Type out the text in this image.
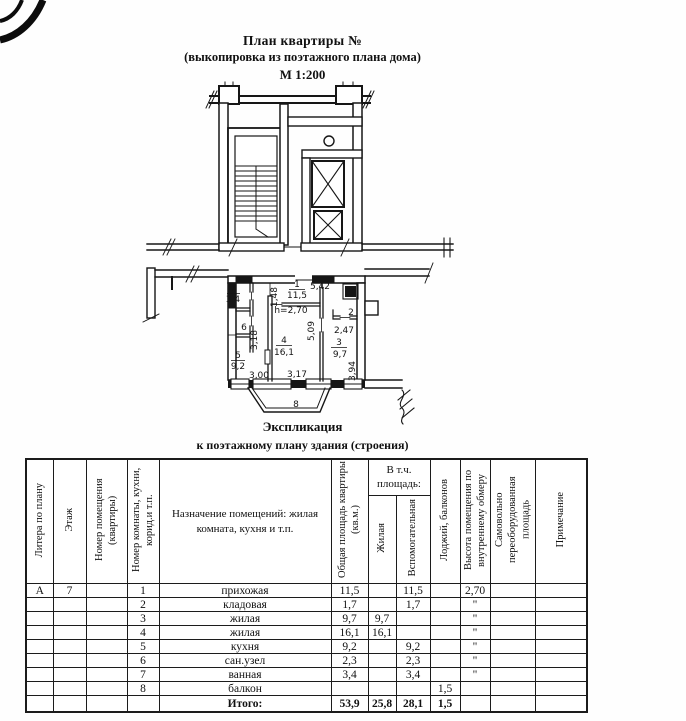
План квартиры №
(выкопировка из поэтажного плана дома)
М 1:200
7
3,4
6
5
9,2
3,18
1
11,5
5,42
1,48
h=2,70
5,09
4
16,1
2
2,47
3
9,7
3,94
3,00 3,17
8
Экспликация
к поэтажному плану здания (строения)
Литера по плану	Этаж	Номер помещения (квартиры)	Номер комнаты, кухни, корид.и т.п.	Назначение помещений: жилая комната, кухня и т.п.	Общая площадь квартиры (кв.м.)	В т.ч. площадь:		Лоджий, балконов	Высота помещения по внутреннему обмеру	Самовольно переоборудованная площадь	Примечание
						Жилая	Вспомогательная				
А	7		1	прихожая	11,5		11,5		2,70		
			2	кладовая	1,7		1,7		"		
			3	жилая	9,7	9,7			"		
			4	жилая	16,1	16,1			"		
			5	кухня	9,2		9,2		"		
			6	сан.узел	2,3		2,3		"		
			7	ванная	3,4		3,4		"		
			8	балкон				1,5			
				Итого:	53,9	25,8	28,1	1,5			
